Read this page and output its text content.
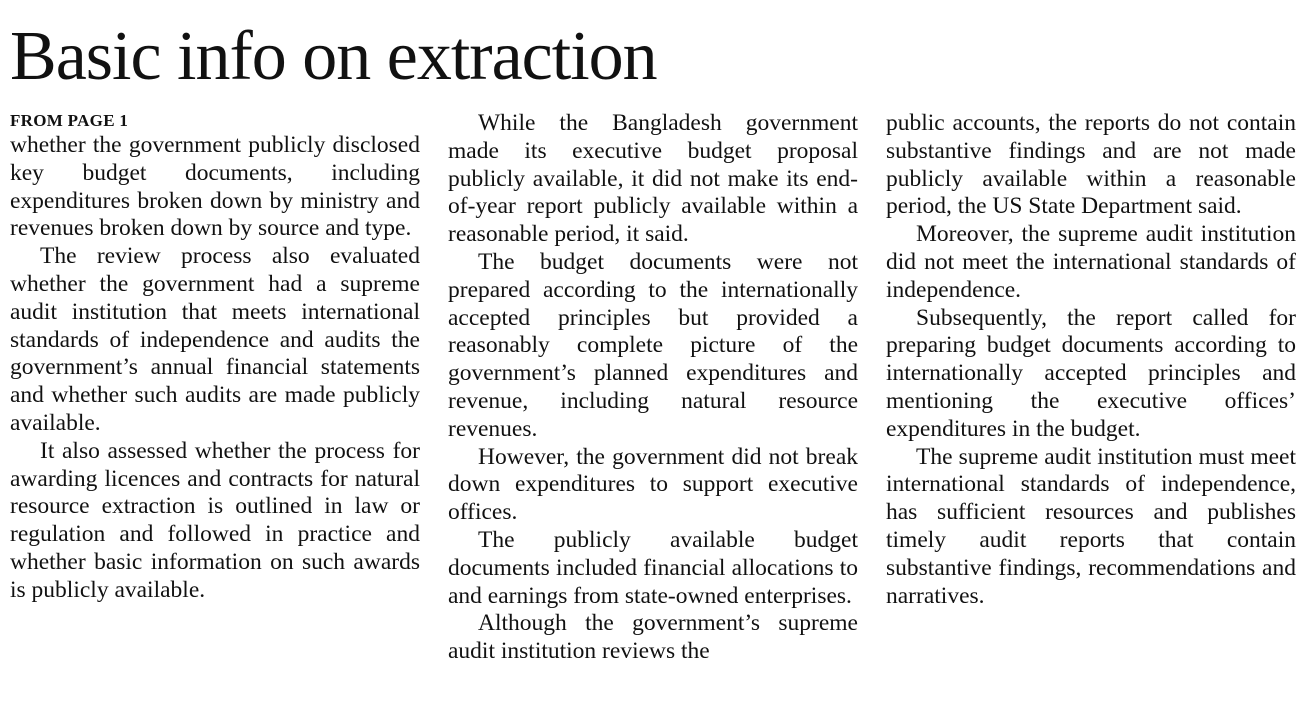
Basic info on extraction
FROM PAGE 1

whether the government publicly disclosed key budget documents, including expenditures broken down by ministry and revenues broken down by source and type.

The review process also evaluated whether the government had a supreme audit institution that meets international standards of independence and audits the government’s annual financial statements and whether such audits are made publicly available.

It also assessed whether the process for awarding licences and contracts for natural resource extraction is outlined in law or regulation and followed in practice and whether basic information on such awards is publicly available.

While the Bangladesh government made its executive budget proposal publicly available, it did not make its end-of-year report publicly available within a reasonable period, it said.

The budget documents were not prepared according to the internationally accepted principles but provided a reasonably complete picture of the government’s planned expenditures and revenue, including natural resource revenues.

However, the government did not break down expenditures to support executive offices.

The publicly available budget documents included financial allocations to and earnings from state-owned enterprises.

Although the government’s supreme audit institution reviews the

public accounts, the reports do not contain substantive findings and are not made publicly available within a reasonable period, the US State Department said.

Moreover, the supreme audit institution did not meet the international standards of independence.

Subsequently, the report called for preparing budget documents according to internationally accepted principles and mentioning the executive offices’ expenditures in the budget.

The supreme audit institution must meet international standards of independence, has sufficient resources and publishes timely audit reports that contain substantive findings, recommendations and narratives.
